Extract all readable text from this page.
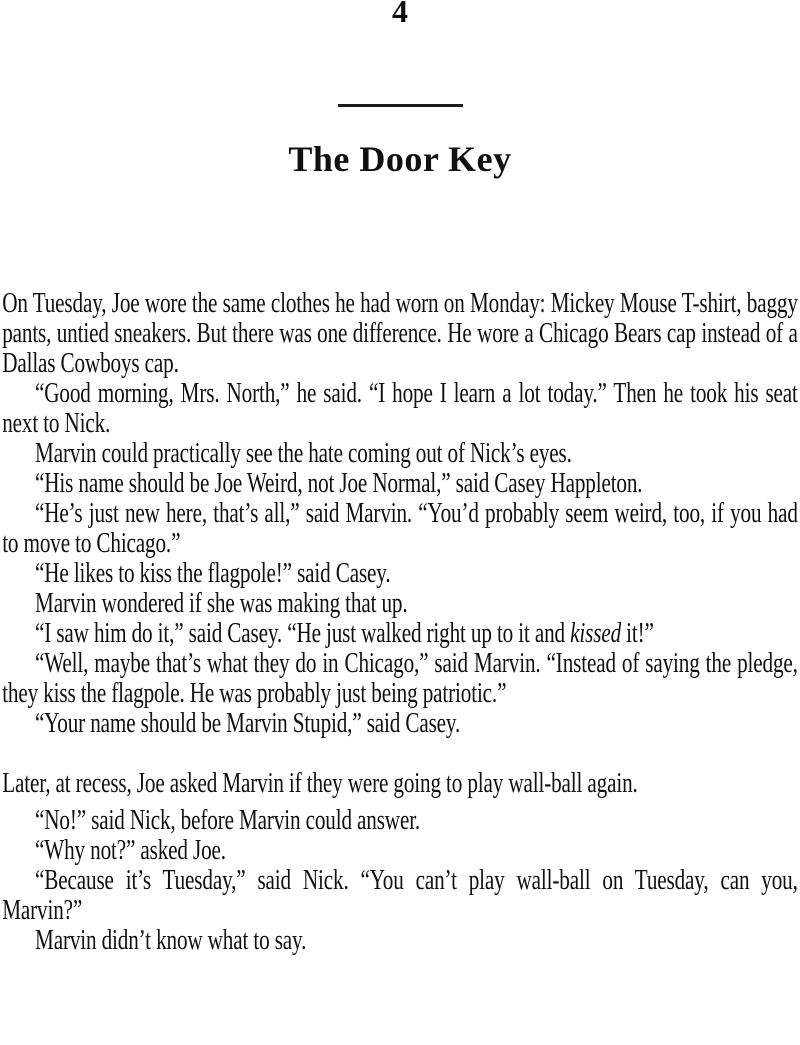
4
The Door Key

On Tuesday, Joe wore the same clothes he had worn on Monday: Mickey Mouse T-shirt, baggy pants, untied sneakers. But there was one difference. He wore a Chicago Bears cap instead of a Dallas Cowboys cap.

“Good morning, Mrs. North,” he said. “I hope I learn a lot today.” Then he took his seat next to Nick.

Marvin could practically see the hate coming out of Nick’s eyes.

“His name should be Joe Weird, not Joe Normal,” said Casey Happleton.

“He’s just new here, that’s all,” said Marvin. “You’d probably seem weird, too, if you had to move to Chicago.”

“He likes to kiss the flagpole!” said Casey.

Marvin wondered if she was making that up.

“I saw him do it,” said Casey. “He just walked right up to it and kissed it!”

“Well, maybe that’s what they do in Chicago,” said Marvin. “Instead of saying the pledge, they kiss the flagpole. He was probably just being patriotic.”

“Your name should be Marvin Stupid,” said Casey.

Later, at recess, Joe asked Marvin if they were going to play wall-ball again.

“No!” said Nick, before Marvin could answer.

“Why not?” asked Joe.

“Because it’s Tuesday,” said Nick. “You can’t play wall-ball on Tuesday, can you, Marvin?”

Marvin didn’t know what to say.
